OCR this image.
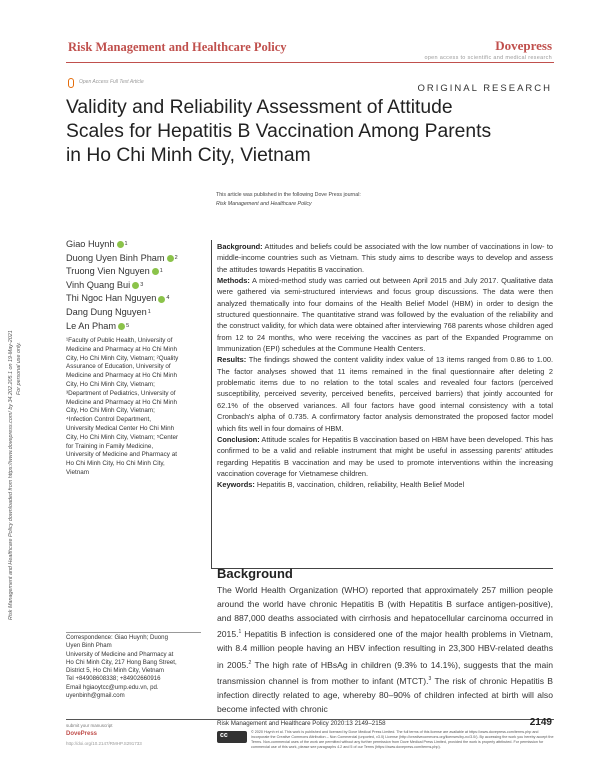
Risk Management and Healthcare Policy	Dovepress
open access to scientific and medical research
Open Access Full Text Article
ORIGINAL RESEARCH
Validity and Reliability Assessment of Attitude
Scales for Hepatitis B Vaccination Among Parents
in Ho Chi Minh City, Vietnam
This article was published in the following Dove Press journal:
Risk Management and Healthcare Policy
Risk Management and Healthcare Policy downloaded from https://www.dovepress.com/ by 34.202.205.1 on 19-May-2021 For personal use only.
Giao Huynh 1
Duong Uyen Binh Pham 2
Truong Vien Nguyen 1
Vinh Quang Bui 3
Thi Ngoc Han Nguyen 4
Dang Dung Nguyen 1
Le An Pham 5
¹Faculty of Public Health, University of
Medicine and Pharmacy at Ho Chi Minh
City, Ho Chi Minh City, Vietnam; ²Quality
Assurance of Education, University of
Medicine and Pharmacy at Ho Chi Minh
City, Ho Chi Minh City, Vietnam;
³Department of Pediatrics, University of
Medicine and Pharmacy at Ho Chi Minh
City, Ho Chi Minh City, Vietnam;
⁴Infection Control Department,
University Medical Center Ho Chi Minh
City, Ho Chi Minh City, Vietnam; ⁵Center
for Training in Family Medicine,
University of Medicine and Pharmacy at
Ho Chi Minh City, Ho Chi Minh City,
Vietnam

Background: Attitudes and beliefs could be associated with the low number of vaccinations in low- to middle-income countries such as Vietnam. This study aims to describe ways to develop and assess the attitudes towards Hepatitis B vaccination.

Methods: A mixed-method study was carried out between April 2015 and July 2017. Qualitative data were gathered via semi-structured interviews and focus group discussions. The data were then analyzed thematically into four domains of the Health Belief Model (HBM) in order to design the structured questionnaire. The quantitative strand was followed by the evaluation of the reliability and the construct validity, for which data were obtained after interviewing 768 parents whose children aged from 12 to 24 months, who were receiving the vaccines as part of the Expanded Programme on Immunization (EPI) schedules at the Commune Health Centers.

Results: The findings showed the content validity index value of 13 items ranged from 0.86 to 1.00. The factor analyses showed that 11 items remained in the final questionnaire after deleting 2 problematic items due to no relation to the total scales and revealed four factors (perceived susceptibility, perceived severity, perceived benefits, perceived barriers) that jointly accounted for 62.1% of the observed variances. All four factors have good internal consistency with a total Cronbach's alpha of 0.735. A confirmatory factor analysis demonstrated the proposed factor model which fits well in four domains of HBM.

Conclusion: Attitude scales for Hepatitis B vaccination based on HBM have been developed. This has confirmed to be a valid and reliable instrument that might be useful in assessing parents' attitudes regarding Hepatitis B vaccination and may be used to promote interventions within the increasing vaccination coverage for Vietnamese children.

Keywords: Hepatitis B, vaccination, children, reliability, Health Belief Model

Background
The World Health Organization (WHO) reported that approximately 257 million people around the world have chronic Hepatitis B (with Hepatitis B surface antigen-positive), and 887,000 deaths associated with cirrhosis and hepatocellular carcinoma occurred in 2015.$^1$ Hepatitis B infection is considered one of the major health problems in Vietnam, with 8.4 million people having an HBV infection resulting in 23,300 HBV-related deaths in 2005.$^2$ The high rate of HBsAg in children (9.3% to 14.1%), suggests that the main transmission channel is from mother to infant (MTCT).$^3$ The risk of chronic Hepatitis B infection directly related to age, whereby 80–90% of children infected at birth will also become infected with chronic
Correspondence: Giao Huynh; Duong
Uyen Binh Pham
University of Medicine and Pharmacy at
Ho Chi Minh City, 217 Hong Bang Street,
District 5, Ho Chi Minh City, Vietnam
Tel +84908608338; +84902660916
Email hgiaoytcc@ump.edu.vn, pd.
uyenbinh@gmail.com
submit your manuscript
DovePress
http://doi.org/10.2147/RMHP.S291733
Risk Management and Healthcare Policy 2020:13 2149–2158	2149
cc	© 2020 Huynh et al. This work is published and licensed by Dove Medical Press Limited. The full terms of this license are available at https://www.dovepress.com/terms.php and incorporate the Creative Commons Attribution – Non Commercial (unported, v3.0) License (http://creativecommons.org/licenses/by-nc/3.0/). By accessing the work you hereby accept the Terms. Non-commercial uses of the work are permitted without any further permission from Dove Medical Press Limited, provided the work is properly attributed. For permission for commercial use of this work, please see paragraphs 4.2 and 5 of our Terms (https://www.dovepress.com/terms.php).
